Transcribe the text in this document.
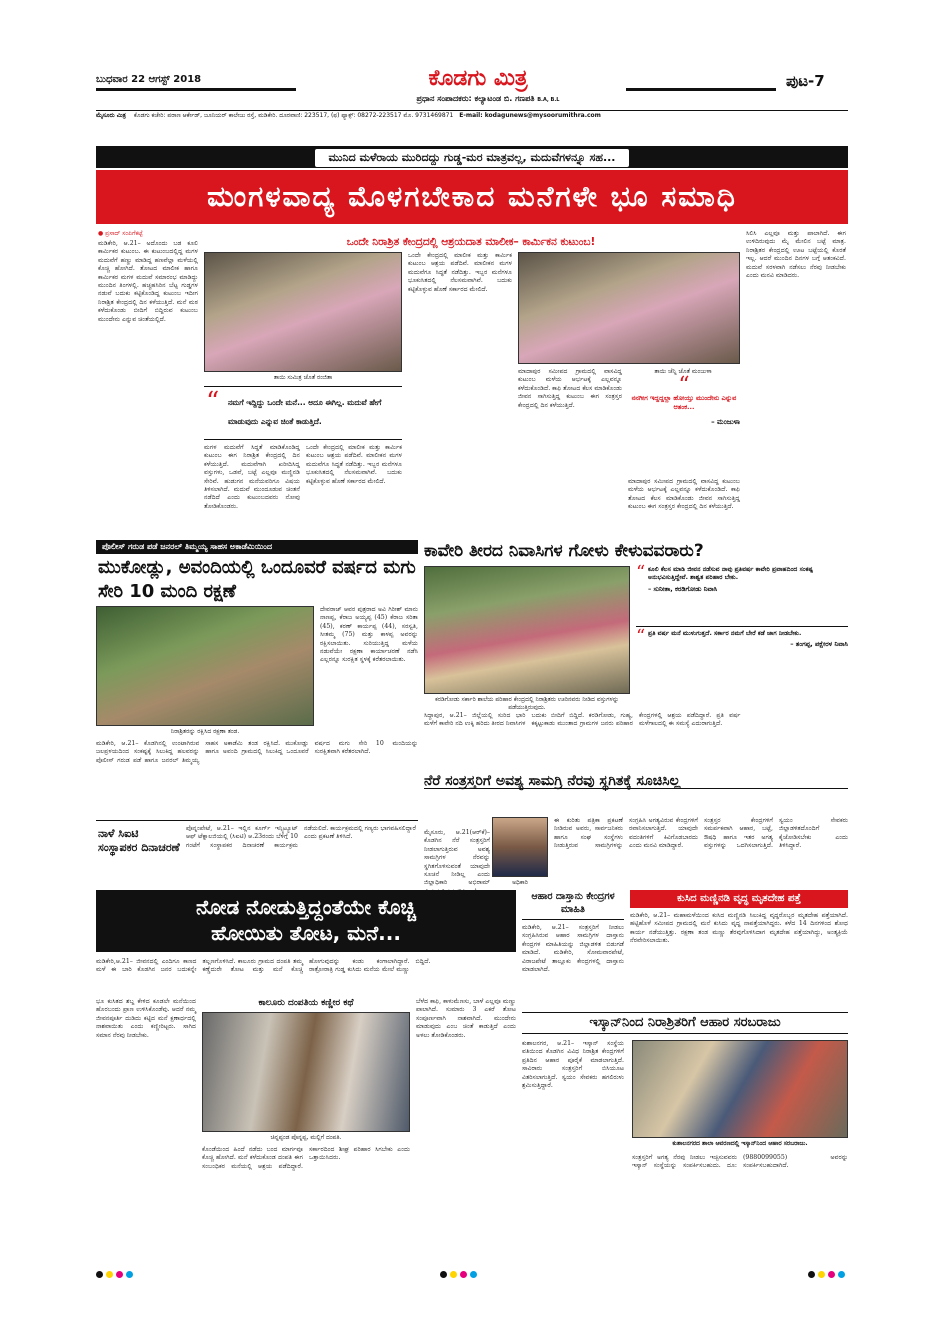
ಬುಧವಾರ 22 ಆಗಸ್ಟ್ 2018	ಕೊಡಗು ಮಿತ್ರ
ಪ್ರಧಾನ ಸಂಪಾದಕರು: ಕಲ್ಯಾಟಂಡ ಬಿ. ಗಣಪತಿ B.A, B.L
ಪುಟ-7
ಮೈಸೂರು ಮಿತ್ರ ಕೊಡಗು ಕಚೇರಿ: ಪರಾಣ ಆರ್ಕೇಡ್, ಜೂನಿಯರ್ ಕಾಲೇಜು ರಸ್ತೆ, ಮಡಿಕೇರಿ. ದೂರವಾಣಿ: 223517, (ಫ) ಫ್ಯಾಕ್ಸ್: 08272-223517 ಮೊ. 9731469871 E-mail: kodagunews@mysoorumithra.com
ಮುನಿದ ಮಳೆರಾಯ ಮುರಿದದ್ದು ಗುಡ್ಡ-ಮರ ಮಾತ್ರವಲ್ಲ, ಮದುವೆಗಳನ್ನೂ ಸಹ...
ಮಂಗಳವಾದ್ಯ ಮೊಳಗಬೇಕಾದ ಮನೆಗಳೇ ಭೂ ಸಮಾಧಿ
● ಪ್ರಸಾದ್ ಸಂಪಿಗೆಕಟ್ಟೆ
ಮಡಿಕೇರಿ, ಆ.21– ಅದೊಂದು ಬಡ ಕೂಲಿ ಕಾರ್ಮಿಕರ ಕುಟುಂಬ. ಈ ಕುಟುಂಬದಲ್ಲಿದ್ದ ಮಗಳ ಮದುವೆಗೆ ಹಣ್ಣು ಮಾಡಿದ್ದ ಹಣವೆಲ್ಲಾ ಮಳೆಯಲ್ಲಿ ಕೊಚ್ಚಿ ಹೋಗಿದೆ. ತೋಟದ ಮಾಲೀಕ ಹಾಗೂ ಕಾರ್ಮಿಕರ ಮಗಳ ಮದುವೆ ಸಮಾರಂಭ ಮಾಡಿದ್ದು ಮುಂದಿನ ತಿಂಗಳಲ್ಲಿ. ಹಚ್ಚಹಸಿರಿನ ಬೆಟ್ಟ ಗುಡ್ಡಗಳ ನಡುವೆ ಬದುಕು ಕಟ್ಟಿಕೊಂಡಿದ್ದ ಕುಟುಂಬ ಇದೀಗ ನಿರಾಶ್ರಿತ ಕೇಂದ್ರದಲ್ಲಿ ದಿನ ಕಳೆಯುತ್ತಿದೆ. ಮನೆ ಮಠ ಕಳೆದುಕೊಂಡು ಬೀದಿಗೆ ಬಿದ್ದಿರುವ ಕುಟುಂಬ ಮುಂದೇನು ಎನ್ನುವ ಚಿಂತೆಯಲ್ಲಿದೆ.
ಒಂದೇ ನಿರಾಶ್ರಿತ ಕೇಂದ್ರದಲ್ಲಿ ಆಶ್ರಯದಾತ ಮಾಲೀಕ– ಕಾರ್ಮಿಕನ ಕುಟುಂಬ!
ತಾಯಿ ಸುಮಿತ್ರ ಜೊತೆ ರಂಜಿತಾ
“ ನಮಗೆ ಇದ್ದಿದ್ದು ಒಂದೇ ಮನೆ... ಅದೂ ಈಗಿಲ್ಲ. ಮದುವೆ ಹೇಗೆ ಮಾಡುವುದು ಎನ್ನುವ ಚಿಂತೆ ಕಾಡುತ್ತಿದೆ.
ಮಗಳ ಮದುವೆಗೆ ಸಿದ್ಧತೆ ಮಾಡಿಕೊಂಡಿದ್ದ ಕುಟುಂಬ ಈಗ ನಿರಾಶ್ರಿತ ಕೇಂದ್ರದಲ್ಲಿ ದಿನ ಕಳೆಯುತ್ತಿದೆ. ಮದುವೆಗಾಗಿ ಖರೀದಿಸಿದ್ದ ವಸ್ತುಗಳು, ಒಡವೆ, ಬಟ್ಟೆ ಎಲ್ಲವೂ ಮಣ್ಣಿನಡಿ ಸೇರಿವೆ. ಹುಡುಗನ ಮನೆಯವರಿಗೂ ವಿಷಯ ತಿಳಿಸಲಾಗಿದೆ. ಮದುವೆ ಮುಂದೂಡುವ ಚಿಂತನೆ ನಡೆದಿದೆ ಎಂದು ಕುಟುಂಬದವರು ನೋವು ತೋಡಿಕೊಂಡರು.
ಒಂದೇ ಕೇಂದ್ರದಲ್ಲಿ ಮಾಲೀಕ ಮತ್ತು ಕಾರ್ಮಿಕ ಕುಟುಂಬ ಆಶ್ರಯ ಪಡೆದಿವೆ. ಮಾಲೀಕನ ಮಗಳ ಮದುವೆಗೂ ಸಿದ್ಧತೆ ನಡೆದಿತ್ತು. ಇಬ್ಬರ ಮನೆಗಳೂ ಭೂಕುಸಿತದಲ್ಲಿ ನೆಲಸಮವಾಗಿವೆ. ಬದುಕು ಕಟ್ಟಿಕೊಳ್ಳುವ ಹೊಣೆ ಸರ್ಕಾರದ ಮೇಲಿದೆ.
ಒಂದೇ ಕೇಂದ್ರದಲ್ಲಿ ಮಾಲೀಕ ಮತ್ತು ಕಾರ್ಮಿಕ ಕುಟುಂಬ ಆಶ್ರಯ ಪಡೆದಿವೆ. ಮಾಲೀಕನ ಮಗಳ ಮದುವೆಗೂ ಸಿದ್ಧತೆ ನಡೆದಿತ್ತು. ಇಬ್ಬರ ಮನೆಗಳೂ ಭೂಕುಸಿತದಲ್ಲಿ ನೆಲಸಮವಾಗಿವೆ. ಬದುಕು ಕಟ್ಟಿಕೊಳ್ಳುವ ಹೊಣೆ ಸರ್ಕಾರದ ಮೇಲಿದೆ.
ಮಾದಾಪುರ ಸಮೀಪದ ಗ್ರಾಮದಲ್ಲಿ ವಾಸವಿದ್ದ ಕುಟುಂಬ ಮಳೆಯ ಆರ್ಭಟಕ್ಕೆ ಎಲ್ಲವನ್ನೂ ಕಳೆದುಕೊಂಡಿದೆ. ಕಾಫಿ ತೋಟದ ಕೆಲಸ ಮಾಡಿಕೊಂಡು ಜೀವನ ಸಾಗಿಸುತ್ತಿದ್ದ ಕುಟುಂಬ ಈಗ ಸಂತ್ರಸ್ತರ ಕೇಂದ್ರದಲ್ಲಿ ದಿನ ಕಳೆಯುತ್ತಿದೆ.
ತಾಯಿ ಚೆನ್ನಿ ಜೊತೆ ಮಂಜುಳಾ
“
ನನಗೀಗ ಇದ್ದದ್ದಲ್ಲಾ ಹೋಯ್ತು ಮುಂದೇನು ಎನ್ನುವ ಆತಂಕ...
– ಮಂಜುಳಾ
ಮಾದಾಪುರ ಸಮೀಪದ ಗ್ರಾಮದಲ್ಲಿ ವಾಸವಿದ್ದ ಕುಟುಂಬ ಮಳೆಯ ಆರ್ಭಟಕ್ಕೆ ಎಲ್ಲವನ್ನೂ ಕಳೆದುಕೊಂಡಿದೆ. ಕಾಫಿ ತೋಟದ ಕೆಲಸ ಮಾಡಿಕೊಂಡು ಜೀವನ ಸಾಗಿಸುತ್ತಿದ್ದ ಕುಟುಂಬ ಈಗ ಸಂತ್ರಸ್ತರ ಕೇಂದ್ರದಲ್ಲಿ ದಿನ ಕಳೆಯುತ್ತಿದೆ.
ಸಿಲಿಸಿ ಎಲ್ಲವೂ ಮತ್ತು ಪಾಲಾಗಿದೆ. ಈಗ ಉಳಿದಿರುವುದು ಮೈ ಮೇಲಿನ ಬಟ್ಟೆ ಮಾತ್ರ. ನಿರಾಶ್ರಿತರ ಕೇಂದ್ರದಲ್ಲಿ ಊಟ ಬಟ್ಟೆಯಲ್ಲಿ ಕೊರತೆ ಇಲ್ಲ. ಆದರೆ ಮುಂದಿನ ದಿನಗಳ ಬಗ್ಗೆ ಆತಂಕವಿದೆ. ಮದುವೆ ಸರಳವಾಗಿ ನಡೆಸಲು ನೆರವು ನೀಡಬೇಕು ಎಂದು ಮನವಿ ಮಾಡಿದರು.
ಪೊಲೀಸ್ ಗರುಡ ಪಡೆ ಜನರಲ್ ತಿಮ್ಮಯ್ಯ ಸಾಹಸ ಅಕಾಡೆಮಿಯಿಂದ
ಮುಕೋಡ್ಲು, ಅವಂದಿಯಲ್ಲಿ ಒಂದೂವರೆ ವರ್ಷದ ಮಗು ಸೇರಿ 10 ಮಂದಿ ರಕ್ಷಣೆ
ನಿರಾಶ್ರಿತರನ್ನು ರಕ್ಷಿಸಿದ ರಕ್ಷಣಾ ತಂಡ.
ದೇವರಾಜ್ ಆವರ ಪುತ್ರರಾದ ಅವಿ ಗಿರೀಶ್ ಮಾನು ನಾಣಪ್ಪ, ಕೆರಾಜ ಅಯ್ಯಪ್ಪ (45) ಕೆರಾಜ ಸರಿತಾ (45), ಕರಣ್ ಕಾರ್ಯಪ್ಪ (44), ಸರಸ್ವತಿ, ಸೀತಮ್ಮ (75) ಮತ್ತು ಕಾಳಪ್ಪ ಅವರನ್ನು ರಕ್ಷಿಸಲಾಯಿತು. ಸುರಿಯುತ್ತಿದ್ದ ಮಳೆಯ ನಡುವೆಯೇ ರಕ್ಷಣಾ ಕಾರ್ಯಾಚರಣೆ ನಡೆಸಿ ಎಲ್ಲರನ್ನೂ ಸುರಕ್ಷಿತ ಸ್ಥಳಕ್ಕೆ ಕರೆತರಲಾಯಿತು.
ಮಡಿಕೇರಿ, ಆ.21– ಕೊಡಗಿನಲ್ಲಿ ಉಂಟಾಗಿರುವ ಜಲಪ್ರಳಯದಿಂದ ಸಂಕಷ್ಟಕ್ಕೆ ಸಿಲುಕಿದ್ದ ಹಲವರನ್ನು ಪೊಲೀಸ್ ಗರುಡ ಪಡೆ ಹಾಗೂ ಜನರಲ್ ತಿಮ್ಮಯ್ಯ ಸಾಹಸ ಅಕಾಡೆಮಿ ತಂಡ ರಕ್ಷಿಸಿದೆ. ಮುಕೋಡ್ಲು ಹಾಗೂ ಅವಂದಿ ಗ್ರಾಮದಲ್ಲಿ ಸಿಲುಕಿದ್ದ ಒಂದೂವರೆ ವರ್ಷದ ಮಗು ಸೇರಿ 10 ಮಂದಿಯನ್ನು ಸುರಕ್ಷಿತವಾಗಿ ಕರೆತರಲಾಗಿದೆ.
ನಾಳೆ ಸಿಐಟಿ ಸಂಸ್ಥಾಪಕರ ದಿನಾಚರಣೆ
ಪೊನ್ನಂಪೇಟೆ, ಆ.21– ಇಲ್ಲಿನ ಕೂರ್ಗ್ ಇನ್ಸ್ಟಿಟ್ಯೂಟ್ ಆಫ್ ಟೆಕ್ನಾಲಜಿಯಲ್ಲಿ (ಸಿಐಟಿ) ಆ.23ರಂದು ಬೆಳಿಗ್ಗೆ 10 ಗಂಟೆಗೆ ಸಂಸ್ಥಾಪಕರ ದಿನಾಚರಣೆ ಕಾರ್ಯಕ್ರಮ ನಡೆಯಲಿದೆ. ಕಾರ್ಯಕ್ರಮದಲ್ಲಿ ಗಣ್ಯರು ಭಾಗವಹಿಸಲಿದ್ದಾರೆ ಎಂದು ಪ್ರಕಟಣೆ ತಿಳಿಸಿದೆ.
ಕಾವೇರಿ ತೀರದ ನಿವಾಸಿಗಳ ಗೋಳು ಕೇಳುವವರಾರು?
ಕರಡಿಗೋಡು ಸರ್ಕಾರಿ ಶಾಲೆಯ ಪರಿಹಾರ ಕೇಂದ್ರದಲ್ಲಿ ನಿರಾಶ್ರಿತರು ಊರಿನವರು ನೀಡಿದ ವಸ್ತುಗಳನ್ನು ಪಡೆಯುತ್ತಿರುವುದು.
“ ಕೂಲಿ ಕೆಲಸ ಮಾಡಿ ಜೀವನ ನಡೆಸುವ ನಾವು ಪ್ರತಿವರ್ಷ ಕಾವೇರಿ ಪ್ರವಾಹದಿಂದ ಸಂಕಷ್ಟ ಅನುಭವಿಸುತ್ತಿದ್ದೇವೆ. ಶಾಶ್ವತ ಪರಿಹಾರ ಬೇಕು.
– ಸುನೀತಾ, ಕರಡಿಗೋಡು ನಿವಾಸಿ
“ ಪ್ರತಿ ವರ್ಷ ಮನೆ ಮುಳುಗುತ್ತದೆ. ಸರ್ಕಾರ ನಮಗೆ ಬೇರೆ ಕಡೆ ಜಾಗ ನೀಡಬೇಕು.
– ತಂಗಪ್ಪ, ಪಕ್ಷೇರಳ ನಿವಾಸಿ
ಸಿದ್ದಾಪುರ, ಆ.21– ಜಿಲ್ಲೆಯಲ್ಲಿ ಸುರಿದ ಭಾರಿ ಮಳೆಗೆ ಕಾವೇರಿ ನದಿ ಉಕ್ಕಿ ಹರಿದು ತೀರದ ನಿವಾಸಿಗಳ ಬದುಕು ಬೀದಿಗೆ ಬಿದ್ದಿದೆ. ಕರಡಿಗೋಡು, ಗುಹ್ಯ, ಕಕ್ಕಟ್ಟುಕಾಡು ಮುಂತಾದ ಗ್ರಾಮಗಳ ಜನರು ಪರಿಹಾರ ಕೇಂದ್ರಗಳಲ್ಲಿ ಆಶ್ರಯ ಪಡೆದಿದ್ದಾರೆ. ಪ್ರತಿ ವರ್ಷ ಮಳೆಗಾಲದಲ್ಲಿ ಈ ಸಮಸ್ಯೆ ಎದುರಾಗುತ್ತಿದೆ.
ನೆರೆ ಸಂತ್ರಸ್ತರಿಗೆ ಅವಶ್ಯ ಸಾಮಗ್ರಿ ನೆರವು ಸ್ಥಗಿತಕ್ಕೆ ಸೂಚಿಸಿಲ್ಲ
ಮೈಸೂರು, ಆ.21(ಆರ್‌ಕೆ)– ಕೊಡಗಿನ ನೆರೆ ಸಂತ್ರಸ್ತರಿಗೆ ನೀಡಲಾಗುತ್ತಿರುವ ಅವಶ್ಯ ಸಾಮಗ್ರಿಗಳ ನೆರವನ್ನು ಸ್ಥಗಿತಗೊಳಿಸುವಂತೆ ಯಾವುದೇ ಸೂಚನೆ ನೀಡಿಲ್ಲ ಎಂದು ಜಿಲ್ಲಾಧಿಕಾರಿ ಅಭಿರಾಮ್	ಅಧಿಕಾರಿ
ಈ ಕುರಿತು ಪತ್ರಿಕಾ ಪ್ರಕಟಣೆ ನೀಡಿರುವ ಅವರು, ಸಾರ್ವಜನಿಕರು ಹಾಗೂ ಸಂಘ ಸಂಸ್ಥೆಗಳು ನೀಡುತ್ತಿರುವ ಸಾಮಗ್ರಿಗಳನ್ನು ಸಂಗ್ರಹಿಸಿ ಅಗತ್ಯವಿರುವ ಕೇಂದ್ರಗಳಿಗೆ ರವಾನಿಸಲಾಗುತ್ತಿದೆ. ಯಾವುದೇ ವದಂತಿಗಳಿಗೆ ಕಿವಿಗೊಡಬಾರದು ಎಂದು ಮನವಿ ಮಾಡಿದ್ದಾರೆ.
ಸಂತ್ರಸ್ತರ ಕೇಂದ್ರಗಳಿಗೆ ಸಮರ್ಪಕವಾಗಿ ಆಹಾರ, ಬಟ್ಟೆ, ಔಷಧಿ ಹಾಗೂ ಇತರ ಅಗತ್ಯ ವಸ್ತುಗಳನ್ನು ಒದಗಿಸಲಾಗುತ್ತಿದೆ. ಸ್ವಯಂ ಸೇವಕರು ಜಿಲ್ಲಾಡಳಿತದೊಂದಿಗೆ ಕೈಜೋಡಿಸಬೇಕು ಎಂದು ತಿಳಿಸಿದ್ದಾರೆ.
ನೋಡ ನೋಡುತ್ತಿದ್ದಂತೆಯೇ ಕೊಚ್ಚಿ
ಹೋಯಿತು ತೋಟ, ಮನೆ...
ಮಡಿಕೇರಿ,ಆ.21– ಜೀವನದಲ್ಲಿ ಎಂದಿಗೂ ಕಾಣದ ಮಳೆ ಈ ಬಾರಿ ಕೊಡಗಿನ ಜನರ ಬದುಕನ್ನೇ ತಲ್ಲಣಗೊಳಿಸಿದೆ. ಕಾಲೂರು ಗ್ರಾಮದ ದಂಪತಿ ತಮ್ಮ ಕಣ್ಣೆದುರೇ ತೋಟ ಮತ್ತು ಮನೆ ಕೊಚ್ಚಿ ಹೋಗುವುದನ್ನು ಕಂಡು ಕಂಗಾಲಾಗಿದ್ದಾರೆ. ರಾತ್ರೋರಾತ್ರಿ ಗುಡ್ಡ ಕುಸಿದು ಮನೆಯ ಮೇಲೆ ಮಣ್ಣು ಬಿದ್ದಿದೆ.
ಭೂ ಕುಸಿತದ ಶಬ್ದ ಕೇಳಿದ ಕೂಡಲೇ ಮನೆಯಿಂದ ಹೊರಬಂದು ಪ್ರಾಣ ಉಳಿಸಿಕೊಂಡೆವು. ಆದರೆ ನಮ್ಮ ಜೀವನಪೂರ್ತಿ ದುಡಿದು ಕಟ್ಟಿದ ಮನೆ ಕ್ಷಣಾರ್ಧದಲ್ಲಿ ನಾಶವಾಯಿತು ಎಂದು ಕಣ್ಣೀರಿಟ್ಟರು. ಸಾಗಿದ ಸಮಾನ ನೆರವು ನೀಡಬೇಕು.
ಕಾಲೂರು ದಂಪತಿಯ ಕಣ್ಣೀರ ಕಥೆ
ಚಿನ್ನಪ್ಪಂಡ ಪೊನ್ನಪ್ಪ, ಮಲ್ಲಿಗೆ ದಂಪತಿ.
ಕೊಂಡೆಯಿಂದ ಹಿಂದೆ ನಡೆದು ಬಂದ ಮಾರ್ಗವೂ ಕೊಚ್ಚಿ ಹೋಗಿದೆ. ಮನೆ ಕಳೆದುಕೊಂಡ ದಂಪತಿ ಈಗ ಸಂಬಂಧಿಕರ ಮನೆಯಲ್ಲಿ ಆಶ್ರಯ ಪಡೆದಿದ್ದಾರೆ. ಸರ್ಕಾರದಿಂದ ಶೀಘ್ರ ಪರಿಹಾರ ಸಿಗಬೇಕು ಎಂದು ಒತ್ತಾಯಿಸಿದರು.
ಬೆಳೆದ ಕಾಫಿ, ಕಾಳುಮೆಣಸು, ಬಾಳೆ ಎಲ್ಲವೂ ಮಣ್ಣು ಪಾಲಾಗಿದೆ. ಸುಮಾರು 3 ಎಕರೆ ತೋಟ ಸಂಪೂರ್ಣವಾಗಿ ನಾಶವಾಗಿದೆ. ಮುಂದೇನು ಮಾಡುವುದು ಎಂಬ ಚಿಂತೆ ಕಾಡುತ್ತಿದೆ ಎಂದು ಅಳಲು ತೋಡಿಕೊಂಡರು.
ಆಹಾರ ದಾಸ್ತಾನು ಕೇಂದ್ರಗಳ ಮಾಹಿತಿ
ಮಡಿಕೇರಿ, ಆ.21– ಸಂತ್ರಸ್ತರಿಗೆ ನೀಡಲು ಸಂಗ್ರಹಿಸಿರುವ ಆಹಾರ ಸಾಮಗ್ರಿಗಳ ದಾಸ್ತಾನು ಕೇಂದ್ರಗಳ ಮಾಹಿತಿಯನ್ನು ಜಿಲ್ಲಾಡಳಿತ ಬಿಡುಗಡೆ ಮಾಡಿದೆ. ಮಡಿಕೇರಿ, ಸೋಮವಾರಪೇಟೆ, ವಿರಾಜಪೇಟೆ ತಾಲ್ಲೂಕು ಕೇಂದ್ರಗಳಲ್ಲಿ ದಾಸ್ತಾನು ಮಾಡಲಾಗಿದೆ.
ಕುಸಿದ ಮಣ್ಣಿನಡಿ ವೃದ್ಧ ಮೃತದೇಹ ಪತ್ತೆ
ಮಡಿಕೇರಿ, ಆ.21– ಮಹಾಮಳೆಯಿಂದ ಕುಸಿದ ಮಣ್ಣಿನಡಿ ಸಿಲುಕಿದ್ದ ವೃದ್ಧರೊಬ್ಬರ ಮೃತದೇಹ ಪತ್ತೆಯಾಗಿದೆ. ಹಟ್ಟಿಹೊಳೆ ಸಮೀಪದ ಗ್ರಾಮದಲ್ಲಿ ಮನೆ ಕುಸಿದು ವೃದ್ಧ ನಾಪತ್ತೆಯಾಗಿದ್ದರು. ಕಳೆದ 14 ದಿನಗಳಿಂದ ಶೋಧ ಕಾರ್ಯ ನಡೆಯುತ್ತಿತ್ತು. ರಕ್ಷಣಾ ತಂಡ ಮಣ್ಣು ತೆರವುಗೊಳಿಸಿದಾಗ ಮೃತದೇಹ ಪತ್ತೆಯಾಗಿದ್ದು, ಅಂತ್ಯಕ್ರಿಯೆ ನೆರವೇರಿಸಲಾಯಿತು.
ಇಸ್ಕಾನ್‌ನಿಂದ ನಿರಾಶ್ರಿತರಿಗೆ ಆಹಾರ ಸರಬರಾಜು
ಕುಶಾಲನಗರ, ಆ.21– ಇಸ್ಕಾನ್ ಸಂಸ್ಥೆಯ ವತಿಯಿಂದ ಕೊಡಗಿನ ವಿವಿಧ ನಿರಾಶ್ರಿತ ಕೇಂದ್ರಗಳಿಗೆ ಪ್ರತಿದಿನ ಆಹಾರ ಪೂರೈಕೆ ಮಾಡಲಾಗುತ್ತಿದೆ. ಸಾವಿರಾರು ಸಂತ್ರಸ್ತರಿಗೆ ಬಿಸಿಯೂಟ ವಿತರಿಸಲಾಗುತ್ತಿದೆ. ಸ್ವಯಂ ಸೇವಕರು ಹಗಲಿರುಳು ಶ್ರಮಿಸುತ್ತಿದ್ದಾರೆ.
ಕುಶಾಲನಗರದ ಶಾಲಾ ಆವರಣದಲ್ಲಿ ಇಸ್ಕಾನ್‌ನಿಂದ ಆಹಾರ ಸರಬರಾಜು.
ಸಂತ್ರಸ್ತರಿಗೆ ಅಗತ್ಯ ನೆರವು ನೀಡಲು ಇಚ್ಛಿಸುವವರು ಇಸ್ಕಾನ್ ಸಂಸ್ಥೆಯನ್ನು ಸಂಪರ್ಕಿಸಬಹುದು. ದೂ: (9880099055) ಅವರನ್ನು ಸಂಪರ್ಕಿಸಬಹುದಾಗಿದೆ.
